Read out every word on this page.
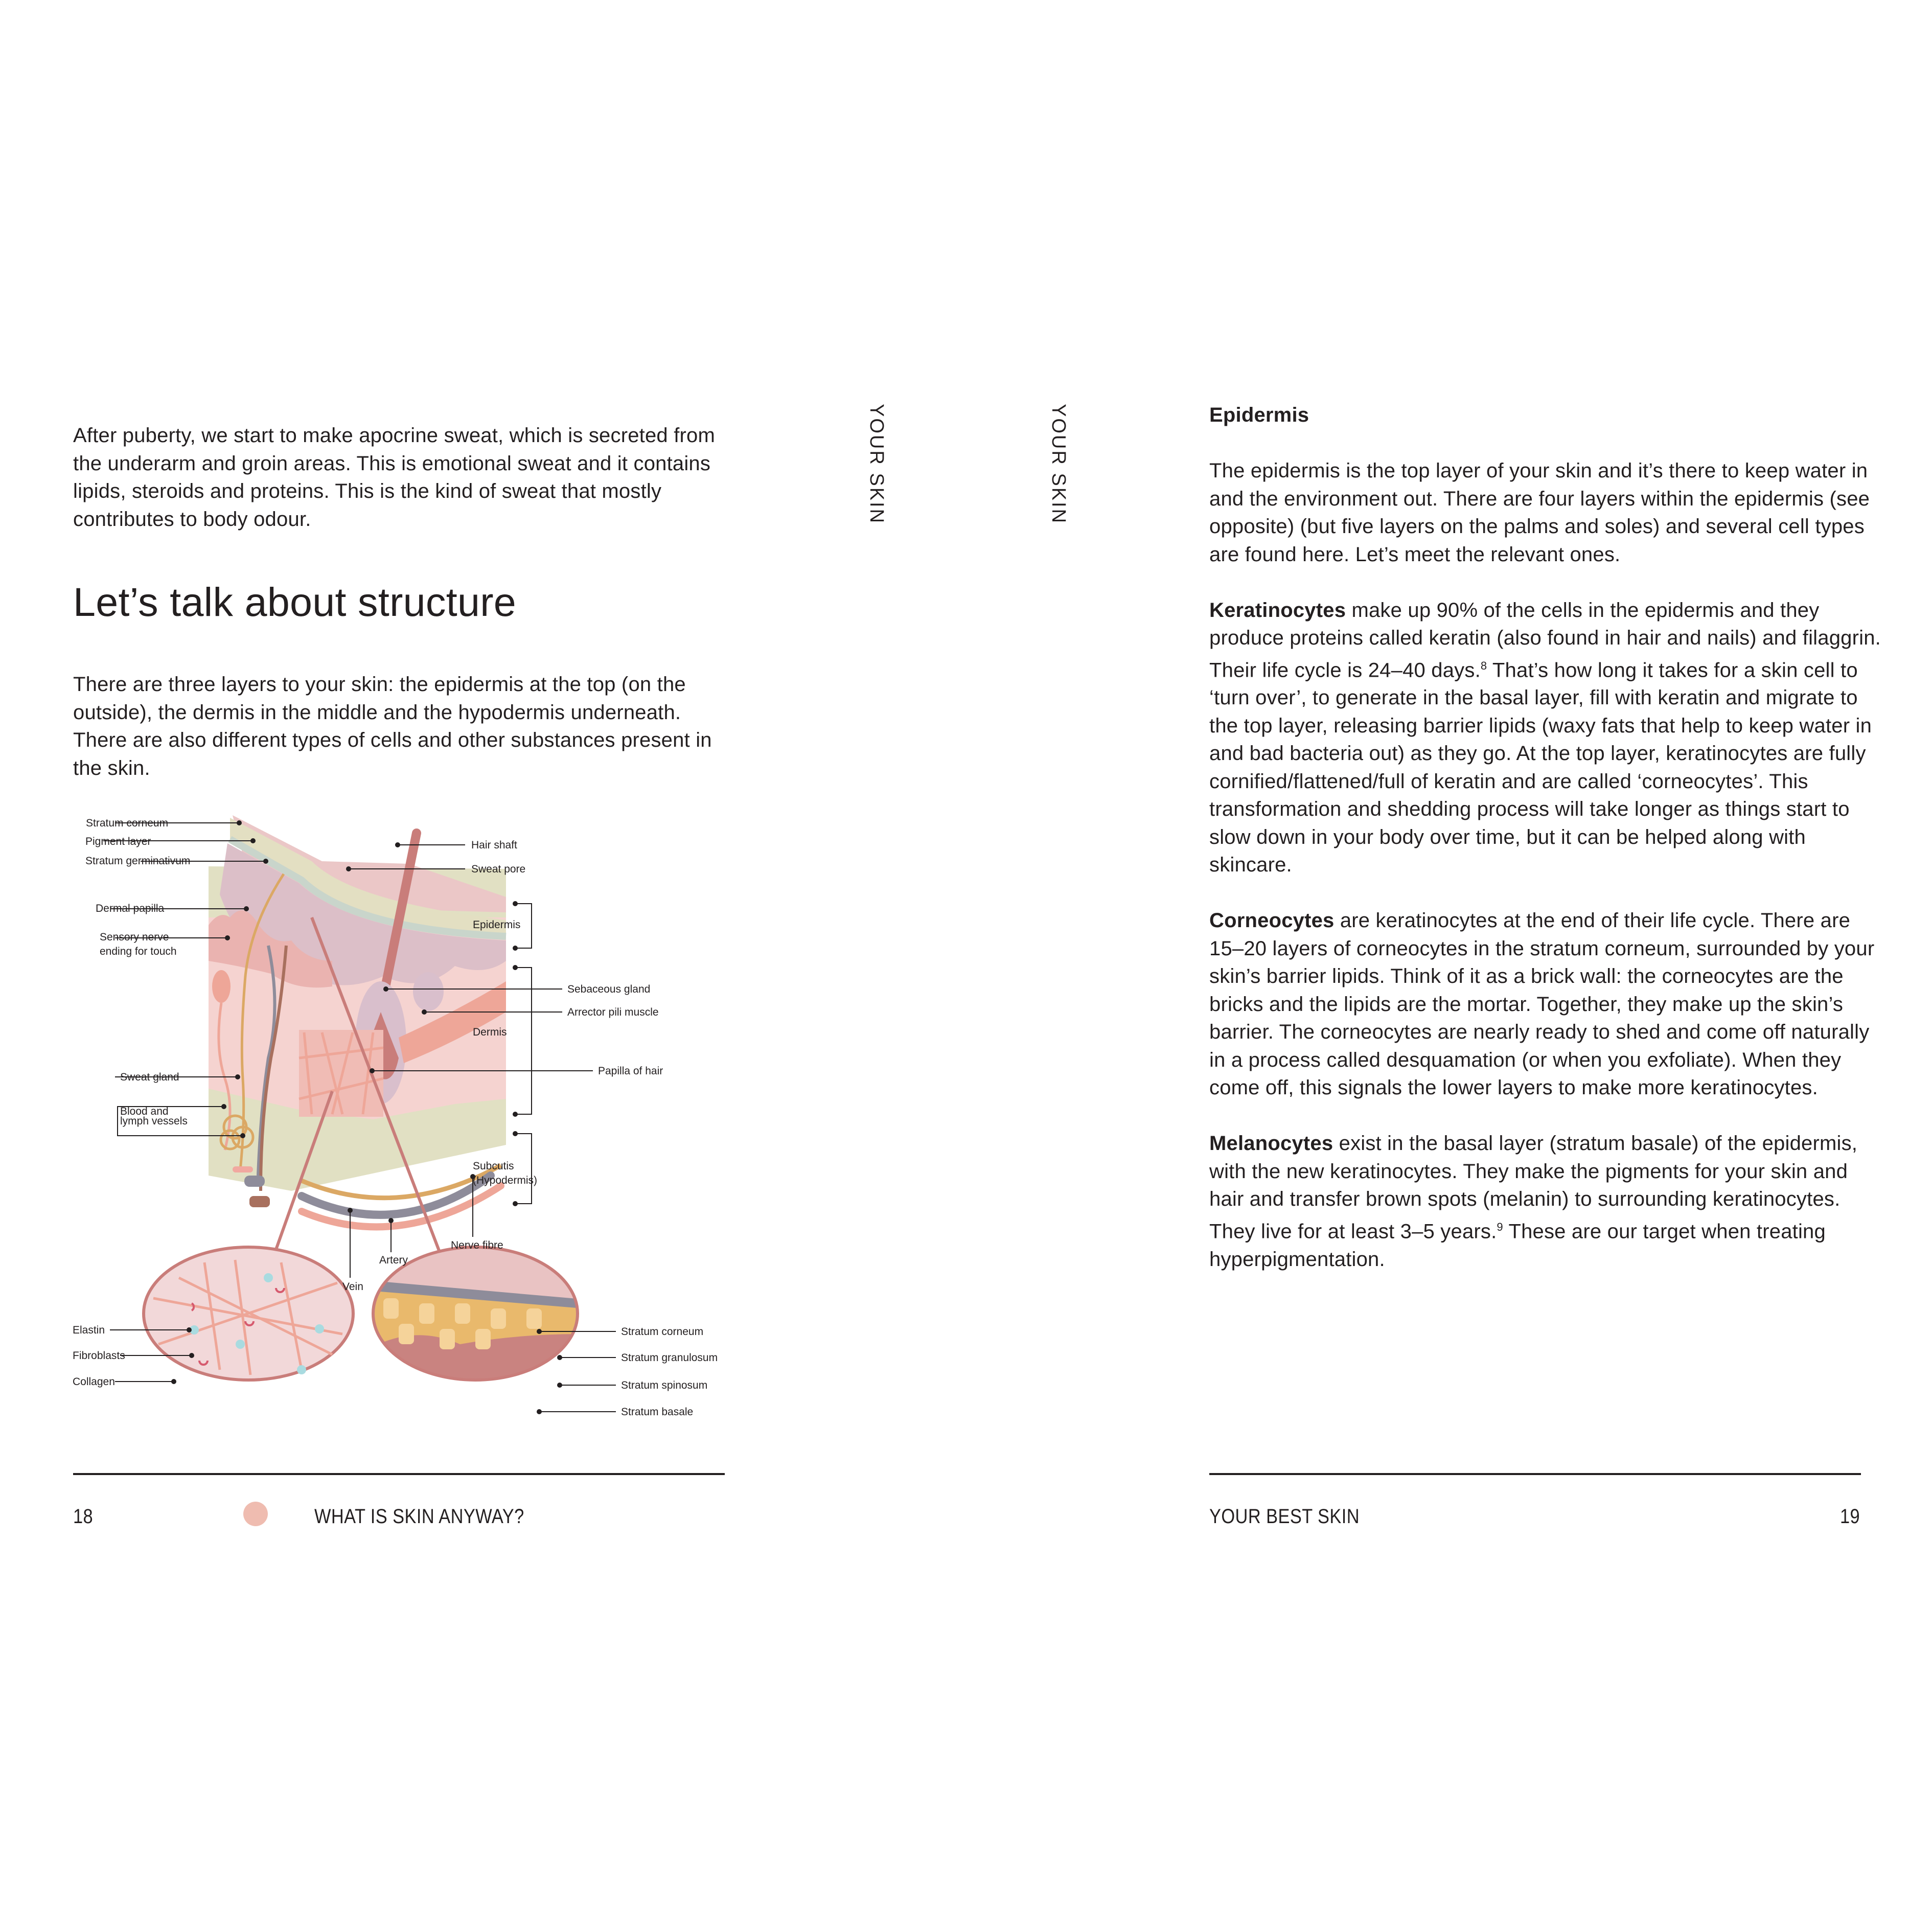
After puberty, we start to make apocrine sweat, which is secreted from the underarm and groin areas. This is emotional sweat and it contains lipids, steroids and proteins. This is the kind of sweat that mostly contributes to body odour.

Let’s talk about structure

There are three layers to your skin: the epidermis at the top (on the outside), the dermis in the middle and the hypodermis underneath. There are also different types of cells and other substances present in the skin.

Stratum corneum
Pigment layer
Stratum germinativum
Dermal papilla
Sensory nerve
ending for touch
Sweat gland
Blood and
lymph vessels
Hair shaft
Sweat pore
Epidermis
Sebaceous gland
Arrector pili muscle
Dermis
Papilla of hair
Subcutis
(Hypodermis)
Vein
Artery
Nerve fibre
Elastin
Fibroblasts
Collagen
Stratum corneum
Stratum granulosum
Stratum spinosum
Stratum basale
YOUR SKIN
18	WHAT IS SKIN ANYWAY?
YOUR SKIN	Epidermis

The epidermis is the top layer of your skin and it’s there to keep water in and the environment out. There are four layers within the epidermis (see opposite) (but five layers on the palms and soles) and several cell types are found here. Let’s meet the relevant ones.

Keratinocytes make up 90% of the cells in the epidermis and they produce proteins called keratin (also found in hair and nails) and filaggrin. Their life cycle is 24–40 days.$^8$ That’s how long it takes for a skin cell to ‘turn over’, to generate in the basal layer, fill with keratin and migrate to the top layer, releasing barrier lipids (waxy fats that help to keep water in and bad bacteria out) as they go. At the top layer, keratinocytes are fully cornified/flattened/full of keratin and are called ‘corneocytes’. This transformation and shedding process will take longer as things start to slow down in your body over time, but it can be helped along with skincare.

Corneocytes are keratinocytes at the end of their life cycle. There are 15–20 layers of corneocytes in the stratum corneum, surrounded by your skin’s barrier lipids. Think of it as a brick wall: the corneocytes are the bricks and the lipids are the mortar. Together, they make up the skin’s barrier. The corneocytes are nearly ready to shed and come off naturally in a process called desquamation (or when you exfoliate). When they come off, this signals the lower layers to make more keratinocytes.

Melanocytes exist in the basal layer (stratum basale) of the epidermis, with the new keratinocytes. They make the pigments for your skin and hair and transfer brown spots (melanin) to surrounding keratinocytes. They live for at least 3–5 years.$^9$ These are our target when treating hyperpigmentation.

YOUR BEST SKIN	19
